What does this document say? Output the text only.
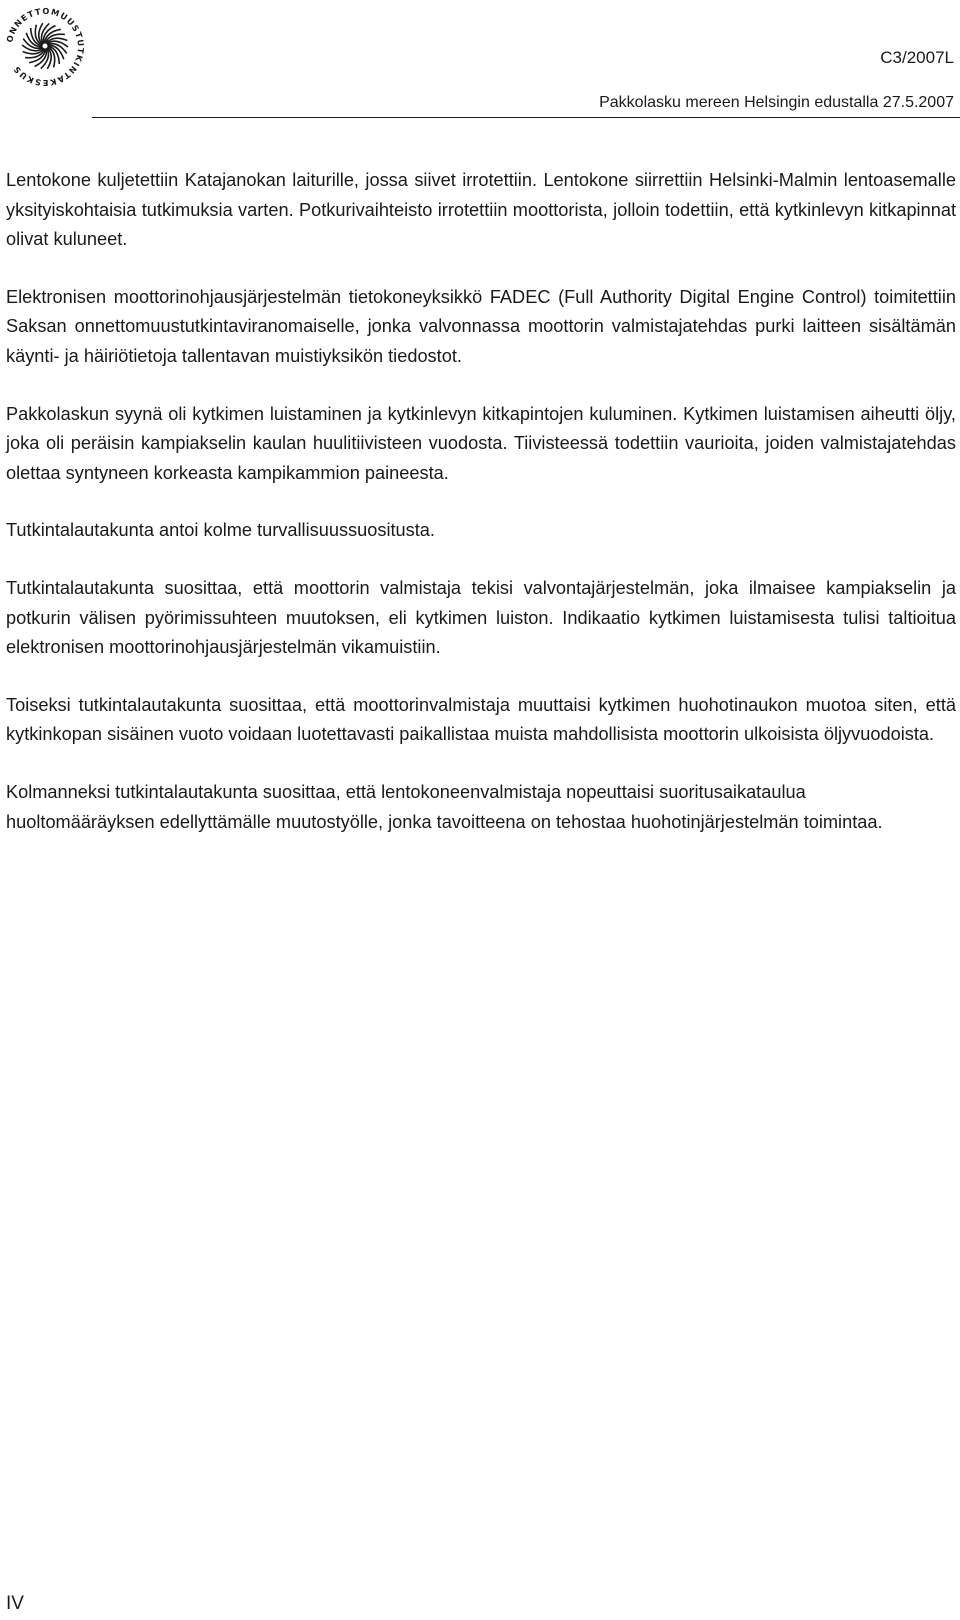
ONNETTOMUUSTUTKINTAKESKUS
C3/2007L
Pakkolasku mereen Helsingin edustalla 27.5.2007

Lentokone kuljetettiin Katajanokan laiturille, jossa siivet irrotettiin. Lentokone siirrettiin Helsinki-Malmin lentoasemalle yksityiskohtaisia tutkimuksia varten. Potkurivaihteisto irrotettiin moottorista, jolloin todettiin, että kytkinlevyn kitkapinnat olivat kuluneet.

Elektronisen moottorinohjausjärjestelmän tietokoneyksikkö FADEC (Full Authority Digital Engine Control) toimitettiin Saksan onnettomuustutkintaviranomaiselle, jonka valvonnassa moottorin valmistajatehdas purki laitteen sisältämän käynti- ja häiriötietoja tallentavan muistiyksikön tiedostot.

Pakkolaskun syynä oli kytkimen luistaminen ja kytkinlevyn kitkapintojen kuluminen. Kytkimen luistamisen aiheutti öljy, joka oli peräisin kampiakselin kaulan huulitiivisteen vuodosta. Tiivisteessä todettiin vaurioita, joiden valmistajatehdas olettaa syntyneen korkeasta kampikammion paineesta.

Tutkintalautakunta antoi kolme turvallisuussuositusta.

Tutkintalautakunta suosittaa, että moottorin valmistaja tekisi valvontajärjestelmän, joka ilmaisee kampiakselin ja potkurin välisen pyörimissuhteen muutoksen, eli kytkimen luiston. Indikaatio kytkimen luistamisesta tulisi taltioitua elektronisen moottorinohjausjärjestelmän vikamuistiin.

Toiseksi tutkintalautakunta suosittaa, että moottorinvalmistaja muuttaisi kytkimen huohotinaukon muotoa siten, että kytkinkopan sisäinen vuoto voidaan luotettavasti paikallistaa muista mahdollisista moottorin ulkoisista öljyvuodoista.

Kolmanneksi tutkintalautakunta suosittaa, että lentokoneenvalmistaja nopeuttaisi suoritusaikataulua huoltomääräyksen edellyttämälle muutostyölle, jonka tavoitteena on tehostaa huohotinjärjestelmän toimintaa.

IV
